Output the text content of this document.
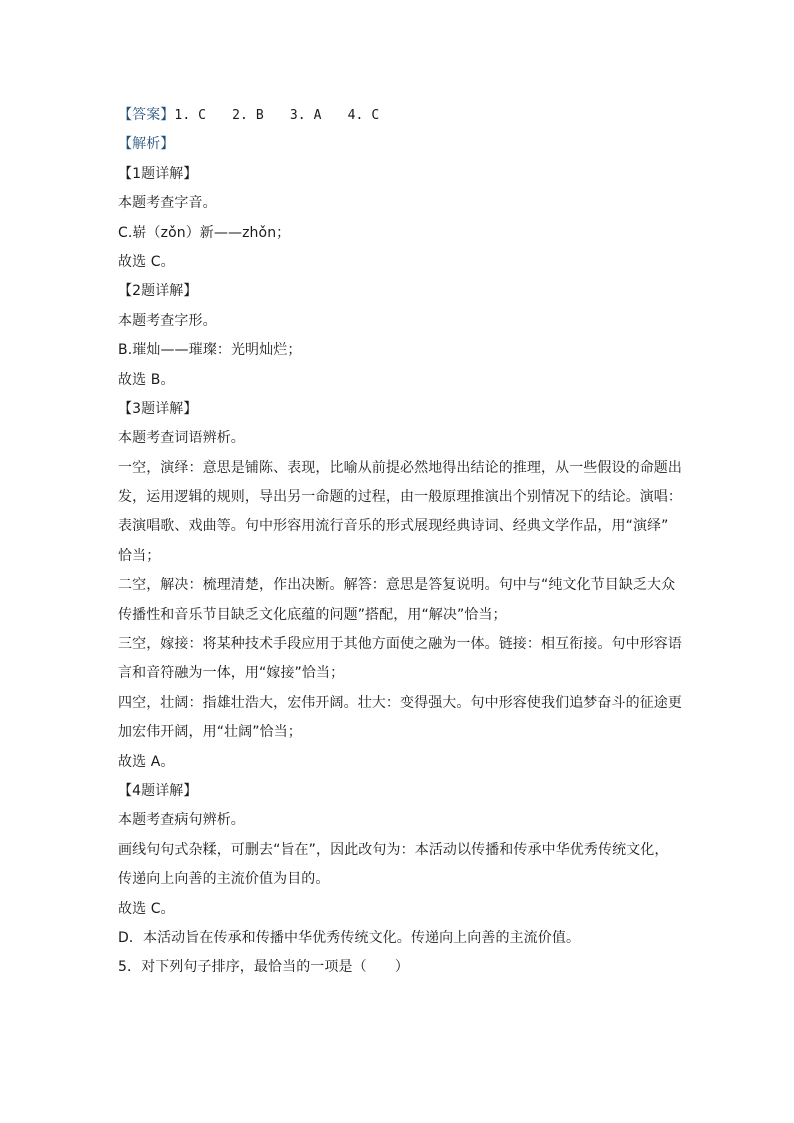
【答案】1. C 2. B 3. A 4. C
【解析】
【1题详解】
本题考查字音。
C.崭（zǒn）新——zhǒn；
故选 C。
【2题详解】
本题考查字形。
B.璀灿——璀璨：光明灿烂；
故选 B。
【3题详解】
本题考查词语辨析。
一空，演绎：意思是铺陈、表现，比喻从前提必然地得出结论的推理，从一些假设的命题出
发，运用逻辑的规则，导出另一命题的过程，由一般原理推演出个别情况下的结论。演唱：
表演唱歌、戏曲等。句中形容用流行音乐的形式展现经典诗词、经典文学作品，用“演绎”
恰当；
二空，解决：梳理清楚，作出决断。解答：意思是答复说明。句中与“纯文化节目缺乏大众
传播性和音乐节目缺乏文化底蕴的问题”搭配，用“解决”恰当；
三空，嫁接：将某种技术手段应用于其他方面使之融为一体。链接：相互衔接。句中形容语
言和音符融为一体，用“嫁接”恰当；
四空，壮阔：指雄壮浩大，宏伟开阔。壮大：变得强大。句中形容使我们追梦奋斗的征途更
加宏伟开阔，用“壮阔”恰当；
故选 A。
【4题详解】
本题考查病句辨析。
画线句句式杂糅，可删去“旨在”，因此改句为：本活动以传播和传承中华优秀传统文化，
传递向上向善的主流价值为目的。
故选 C。
D．本活动旨在传承和传播中华优秀传统文化。传递向上向善的主流价值。
5．对下列句子排序，最恰当的一项是（　　）
